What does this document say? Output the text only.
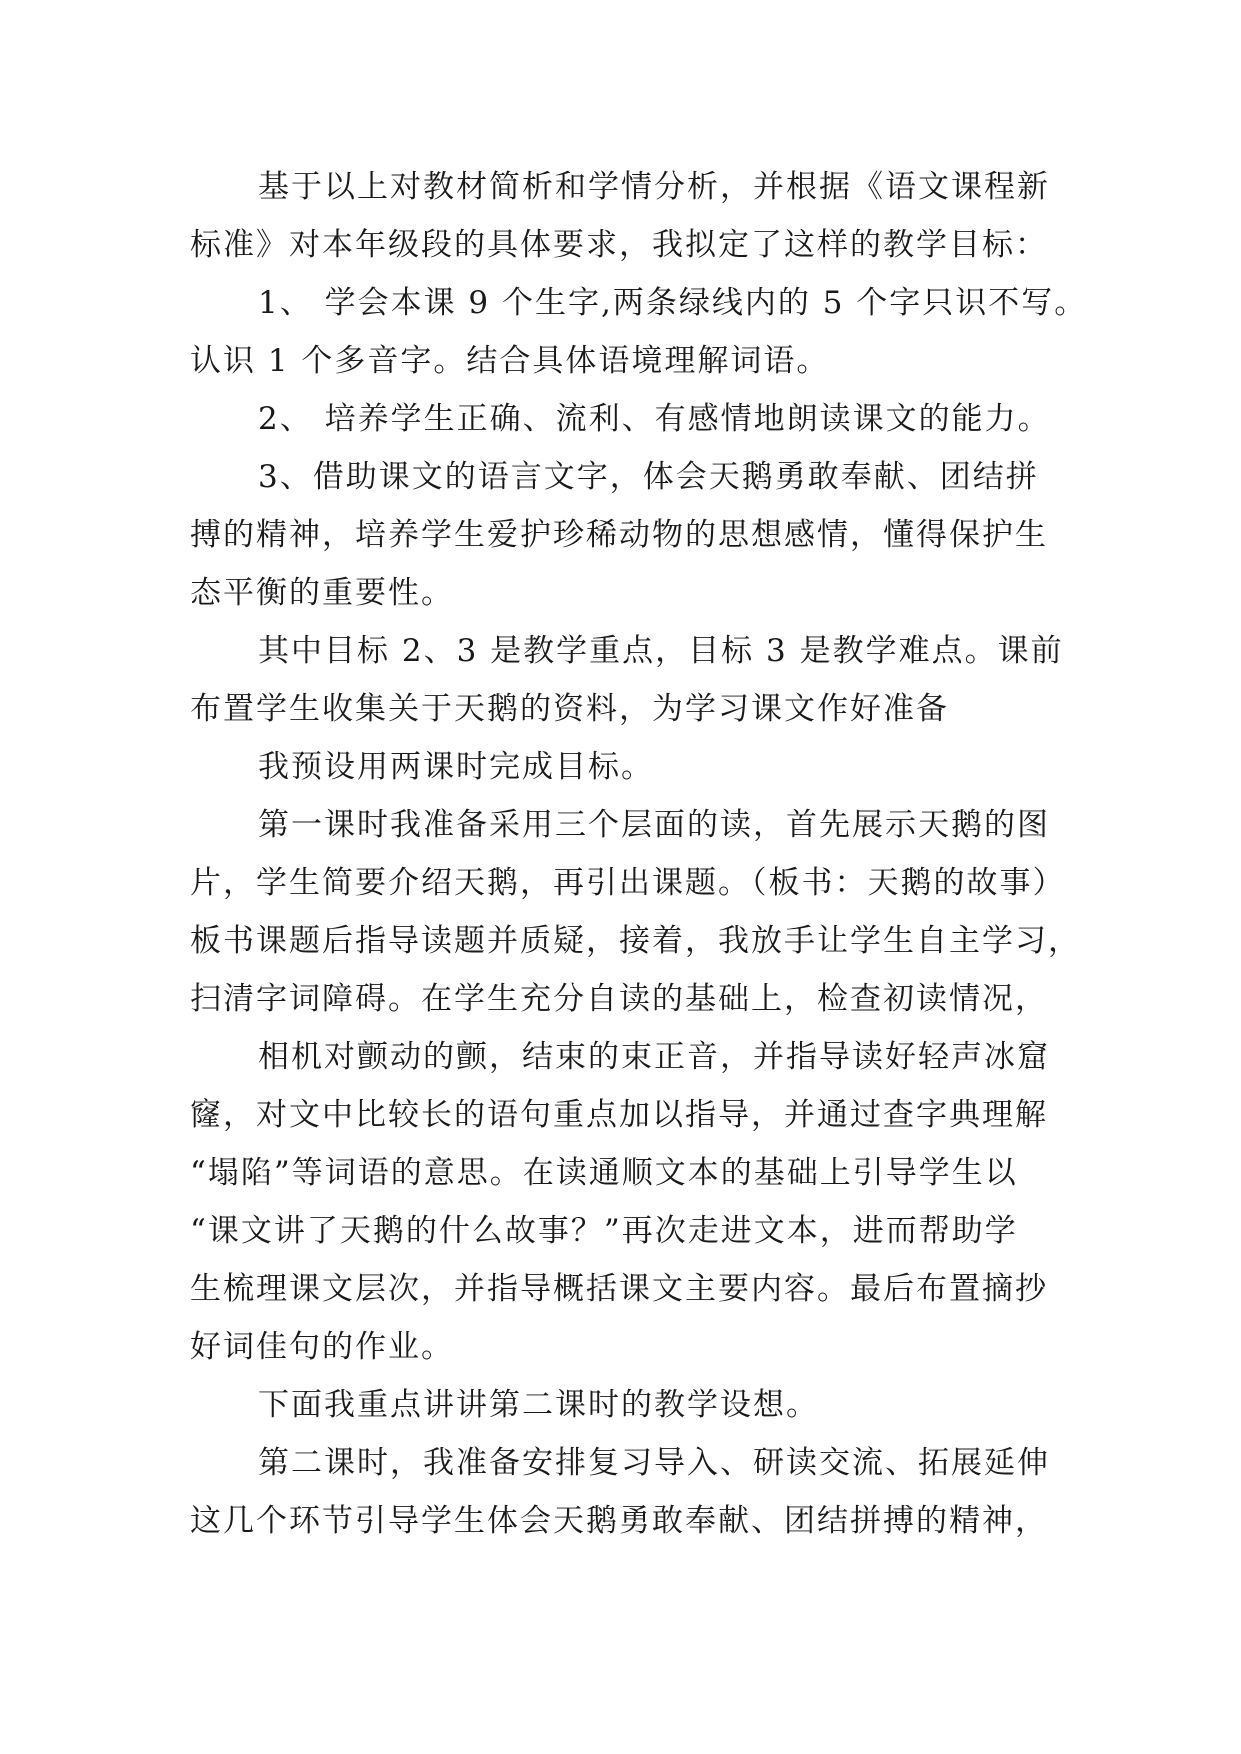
基于以上对教材简析和学情分析，并根据《语文课程新
标准》对本年级段的具体要求，我拟定了这样的教学目标：

1、 学会本课 9 个生字,两条绿线内的 5 个字只识不写。
认识 1 个多音字。结合具体语境理解词语。

2、 培养学生正确、流利、有感情地朗读课文的能力。

3、借助课文的语言文字，体会天鹅勇敢奉献、团结拼
搏的精神，培养学生爱护珍稀动物的思想感情，懂得保护生
态平衡的重要性。

其中目标 2、3 是教学重点，目标 3 是教学难点。课前
布置学生收集关于天鹅的资料，为学习课文作好准备

我预设用两课时完成目标。

第一课时我准备采用三个层面的读，首先展示天鹅的图
片，学生简要介绍天鹅，再引出课题。（板书：天鹅的故事）
板书课题后指导读题并质疑，接着，我放手让学生自主学习，
扫清字词障碍。在学生充分自读的基础上，检查初读情况，

相机对颤动的颤，结束的束正音，并指导读好轻声冰窟
窿，对文中比较长的语句重点加以指导，并通过查字典理解
“塌陷”等词语的意思。在读通顺文本的基础上引导学生以
“课文讲了天鹅的什么故事？”再次走进文本，进而帮助学
生梳理课文层次，并指导概括课文主要内容。最后布置摘抄
好词佳句的作业。

下面我重点讲讲第二课时的教学设想。

第二课时，我准备安排复习导入、研读交流、拓展延伸
这几个环节引导学生体会天鹅勇敢奉献、团结拼搏的精神，
